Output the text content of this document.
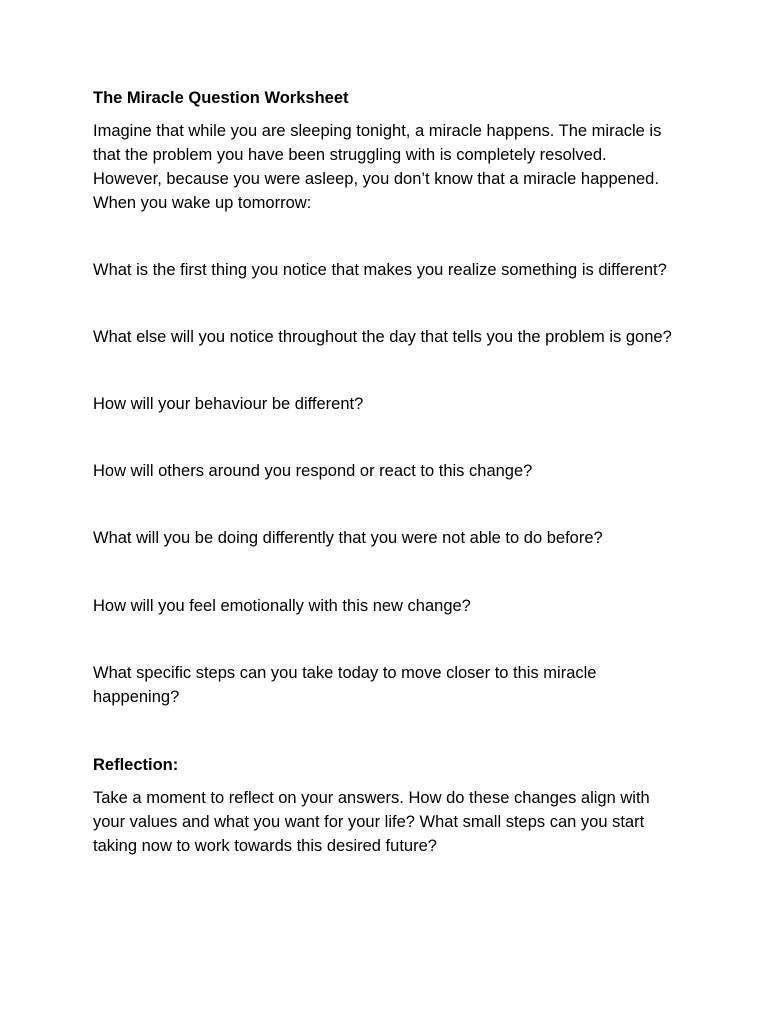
The Miracle Question Worksheet

Imagine that while you are sleeping tonight, a miracle happens. The miracle is that the problem you have been struggling with is completely resolved. However, because you were asleep, you don’t know that a miracle happened. When you wake up tomorrow:

What is the first thing you notice that makes you realize something is different?

What else will you notice throughout the day that tells you the problem is gone?

How will your behaviour be different?

How will others around you respond or react to this change?

What will you be doing differently that you were not able to do before?

How will you feel emotionally with this new change?

What specific steps can you take today to move closer to this miracle happening?

Reflection:

Take a moment to reflect on your answers. How do these changes align with your values and what you want for your life? What small steps can you start taking now to work towards this desired future?
